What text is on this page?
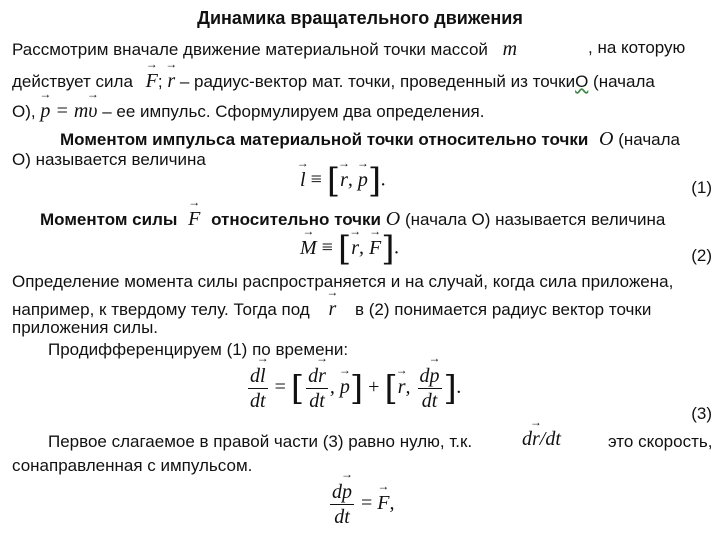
Динамика вращательного движения
Рассмотрим вначале движение материальной точки массой m	, на которую
действует сила → F; → r – радиус-вектор мат. точки, проведенный из точкиО (начала
О), → p = m→ υ – ее импульс. Сформулируем два определения.
Моментом импульса материальной точки относительно точки О (начала
О) называется величина
→ l ≡ [→ r, → p].	(1)
Моментом силы → F относительно точки O (начала O) называется величина
→ M ≡ [→ r, → F].	(2)
Определение момента силы распространяется и на случай, когда сила приложена,
например, к твердому телу. Тогда под → r в (2) понимается радиус вектор точки
приложения силы.
Продифференцируем (1) по времени:
$\frac{d\to l}{dt}$ = [ $\frac{d\to r}{dt}$ , → p] + [→ r, $\frac{d\to p}{dt}$ ].
(3)
Первое слагаемое в правой части (3) равно нулю, т.к. d→ r/dt	это скорость,
сонаправленная с импульсом.
$\frac{d\to p}{dt}$ = → F,
